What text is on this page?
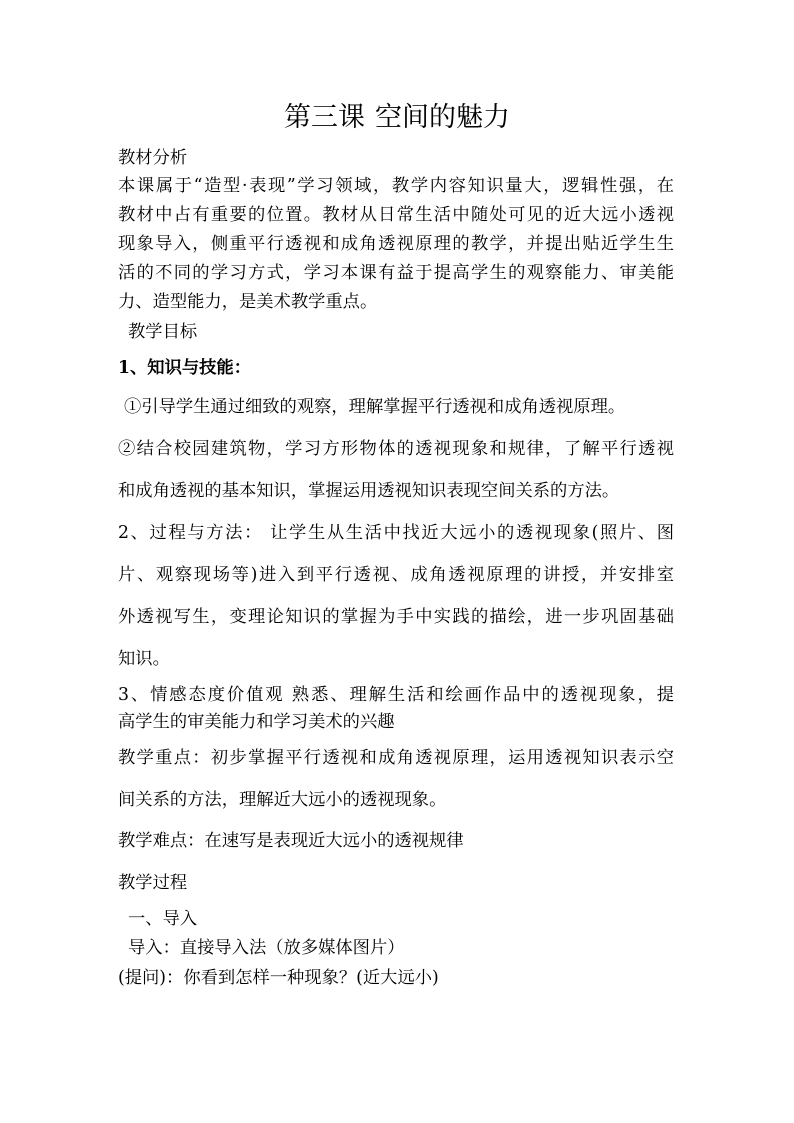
第三课 空间的魅力
教材分析
本课属于“造型·表现”学习领域，教学内容知识量大，逻辑性强，在
教材中占有重要的位置。教材从日常生活中随处可见的近大远小透视
现象导入，侧重平行透视和成角透视原理的教学，并提出贴近学生生
活的不同的学习方式，学习本课有益于提高学生的观察能力、审美能
力、造型能力，是美术教学重点。
教学目标
1、知识与技能：
①引导学生通过细致的观察，理解掌握平行透视和成角透视原理。
②结合校园建筑物，学习方形物体的透视现象和规律，了解平行透视
和成角透视的基本知识，掌握运用透视知识表现空间关系的方法。
2、过程与方法： 让学生从生活中找近大远小的透视现象(照片、图
片、观察现场等)进入到平行透视、成角透视原理的讲授，并安排室
外透视写生，变理论知识的掌握为手中实践的描绘，进一步巩固基础
知识。
3、情感态度价值观 熟悉、理解生活和绘画作品中的透视现象，提
高学生的审美能力和学习美术的兴趣
教学重点：初步掌握平行透视和成角透视原理，运用透视知识表示空
间关系的方法，理解近大远小的透视现象。
教学难点：在速写是表现近大远小的透视规律
教学过程
一、导入
导入：直接导入法（放多媒体图片）
(提问)：你看到怎样一种现象？(近大远小)
